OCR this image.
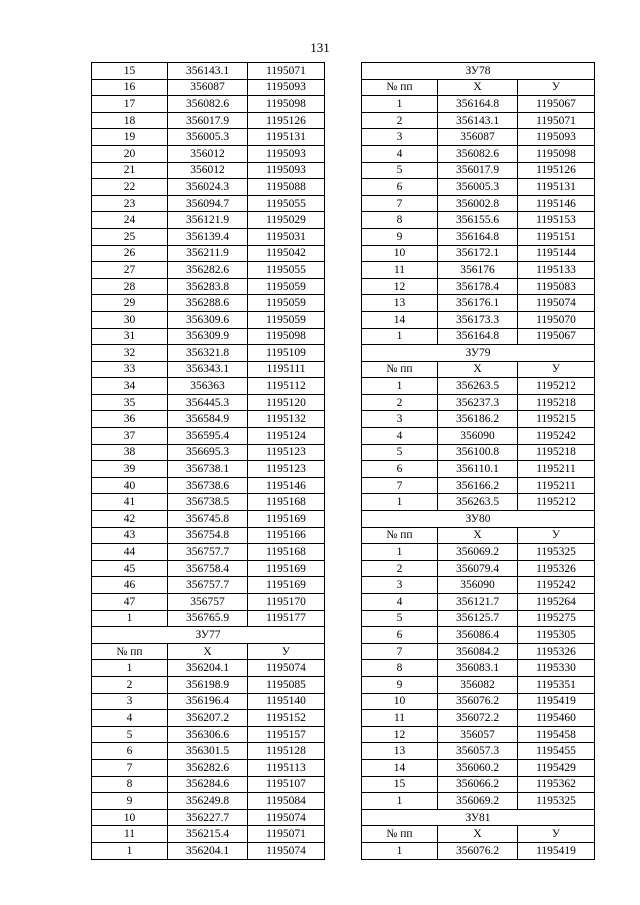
131
15	356143.1	1195071
16	356087	1195093
17	356082.6	1195098
18	356017.9	1195126
19	356005.3	1195131
20	356012	1195093
21	356012	1195093
22	356024.3	1195088
23	356094.7	1195055
24	356121.9	1195029
25	356139.4	1195031
26	356211.9	1195042
27	356282.6	1195055
28	356283.8	1195059
29	356288.6	1195059
30	356309.6	1195059
31	356309.9	1195098
32	356321.8	1195109
33	356343.1	1195111
34	356363	1195112
35	356445.3	1195120
36	356584.9	1195132
37	356595.4	1195124
38	356695.3	1195123
39	356738.1	1195123
40	356738.6	1195146
41	356738.5	1195168
42	356745.8	1195169
43	356754.8	1195166
44	356757.7	1195168
45	356758.4	1195169
46	356757.7	1195169
47	356757	1195170
1	356765.9	1195177
ЗУ77		
№ пп	X	У
1	356204.1	1195074
2	356198.9	1195085
3	356196.4	1195140
4	356207.2	1195152
5	356306.6	1195157
6	356301.5	1195128
7	356282.6	1195113
8	356284.6	1195107
9	356249.8	1195084
10	356227.7	1195074
11	356215.4	1195071
1	356204.1	1195074
ЗУ78		
№ пп	X	У
1	356164.8	1195067
2	356143.1	1195071
3	356087	1195093
4	356082.6	1195098
5	356017.9	1195126
6	356005.3	1195131
7	356002.8	1195146
8	356155.6	1195153
9	356164.8	1195151
10	356172.1	1195144
11	356176	1195133
12	356178.4	1195083
13	356176.1	1195074
14	356173.3	1195070
1	356164.8	1195067
ЗУ79		
№ пп	X	У
1	356263.5	1195212
2	356237.3	1195218
3	356186.2	1195215
4	356090	1195242
5	356100.8	1195218
6	356110.1	1195211
7	356166.2	1195211
1	356263.5	1195212
ЗУ80		
№ пп	X	У
1	356069.2	1195325
2	356079.4	1195326
3	356090	1195242
4	356121.7	1195264
5	356125.7	1195275
6	356086.4	1195305
7	356084.2	1195326
8	356083.1	1195330
9	356082	1195351
10	356076.2	1195419
11	356072.2	1195460
12	356057	1195458
13	356057.3	1195455
14	356060.2	1195429
15	356066.2	1195362
1	356069.2	1195325
ЗУ81		
№ пп	X	У
1	356076.2	1195419
